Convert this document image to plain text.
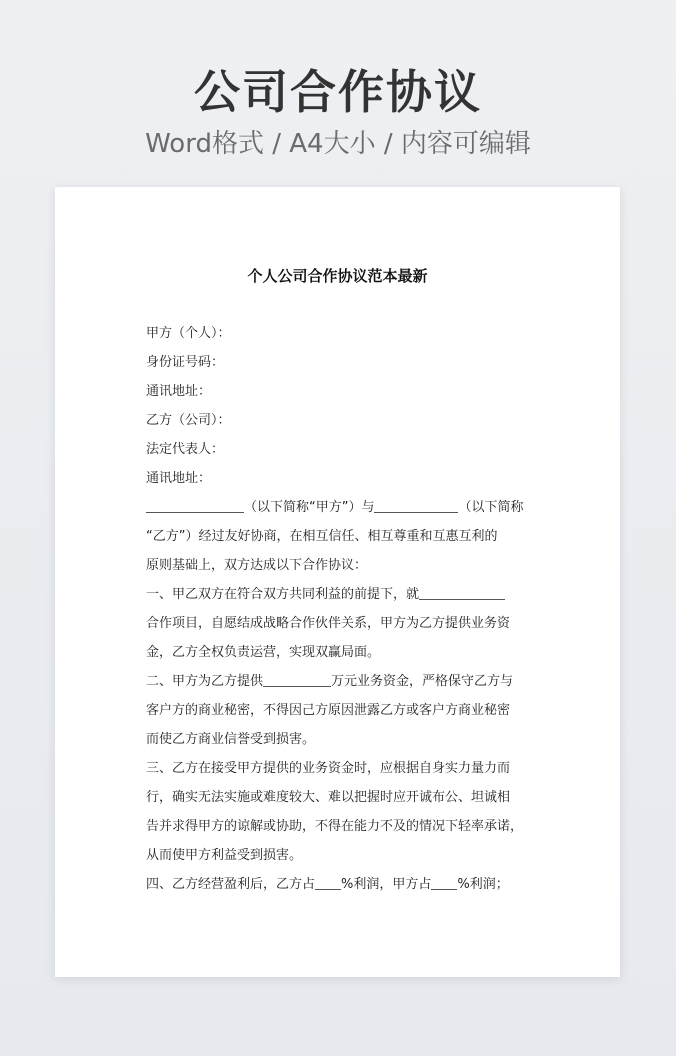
公司合作协议
Word格式 / A4大小 / 内容可编辑
个人公司合作协议范本最新
甲方（个人）：
身份证号码：
通讯地址：
乙方（公司）：
法定代表人：
通讯地址：
（以下简称“甲方”）与	（以下简称
“乙方”）经过友好协商，在相互信任、相互尊重和互惠互利的
原则基础上，双方达成以下合作协议：
一、甲乙双方在符合双方共同利益的前提下，就
合作项目，自愿结成战略合作伙伴关系，甲方为乙方提供业务资
金，乙方全权负责运营，实现双赢局面。
二、甲方为乙方提供	万元业务资金，严格保守乙方与
客户方的商业秘密，不得因己方原因泄露乙方或客户方商业秘密
而使乙方商业信誉受到损害。
三、乙方在接受甲方提供的业务资金时，应根据自身实力量力而
行，确实无法实施或难度较大、难以把握时应开诚布公、坦诚相
告并求得甲方的谅解或协助，不得在能力不及的情况下轻率承诺，
从而使甲方利益受到损害。
四、乙方经营盈利后，乙方占 %利润，甲方占 %利润；
